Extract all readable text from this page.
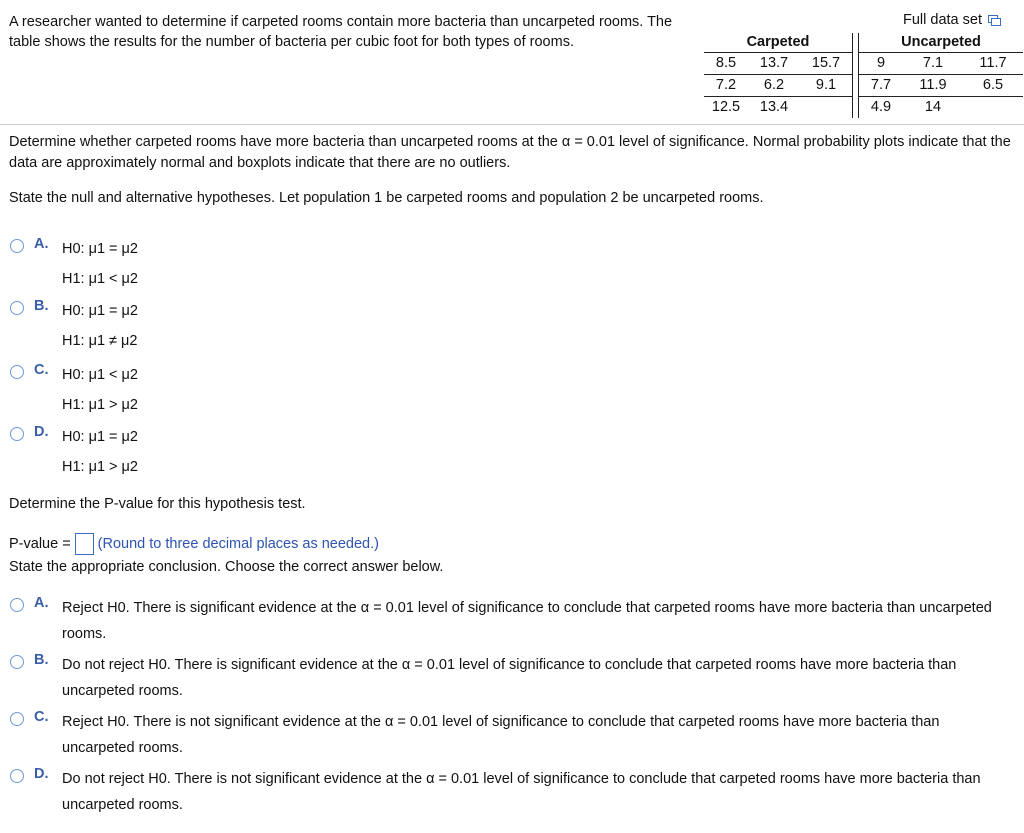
A researcher wanted to determine if carpeted rooms contain more bacteria than uncarpeted rooms. The table shows the results for the number of bacteria per cubic foot for both types of rooms.
Full data set
Carpeted
8.5	13.7	15.7
7.2	6.2	9.1
12.5	13.4
Uncarpeted
9	7.1	11.7
7.7	11.9	6.5
4.9	14
Determine whether carpeted rooms have more bacteria than uncarpeted rooms at the α = 0.01 level of significance. Normal probability plots indicate that the data are approximately normal and boxplots indicate that there are no outliers.
State the null and alternative hypotheses. Let population 1 be carpeted rooms and population 2 be uncarpeted rooms.
A. H0: μ1 = μ2
H1: μ1 < μ2
B. H0: μ1 = μ2
H1: μ1 ≠ μ2
C. H0: μ1 < μ2
H1: μ1 > μ2
D. H0: μ1 = μ2
H1: μ1 > μ2
Determine the P-value for this hypothesis test.
P-value = (Round to three decimal places as needed.)
State the appropriate conclusion. Choose the correct answer below.
A. Reject H0. There is significant evidence at the α = 0.01 level of significance to conclude that carpeted rooms have more bacteria than uncarpeted rooms.
B. Do not reject H0. There is significant evidence at the α = 0.01 level of significance to conclude that carpeted rooms have more bacteria than uncarpeted rooms.
C. Reject H0. There is not significant evidence at the α = 0.01 level of significance to conclude that carpeted rooms have more bacteria than uncarpeted rooms.
D. Do not reject H0. There is not significant evidence at the α = 0.01 level of significance to conclude that carpeted rooms have more bacteria than uncarpeted rooms.
